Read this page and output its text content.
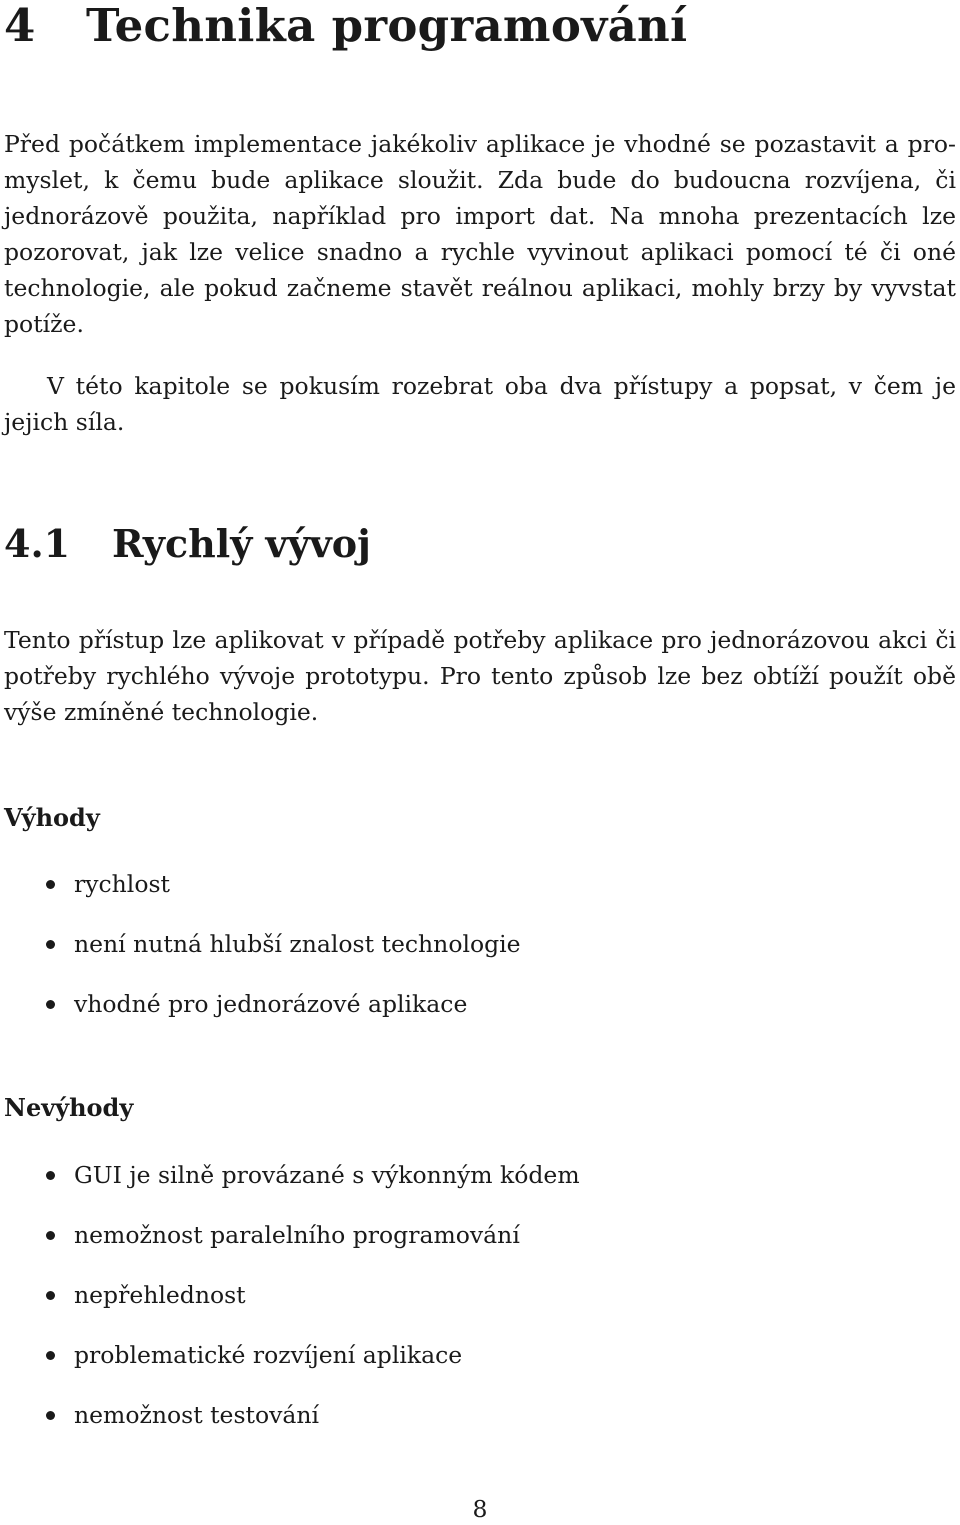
4 Technika programování

Před počátkem implementace jakékoliv aplikace je vhodné se pozastavit a promyslet, k čemu bude aplikace sloužit. Zda bude do budoucna rozvíjena, či jednorázově použita, například pro import dat. Na mnoha prezentacích lze pozorovat, jak lze velice snadno a rychle vyvinout aplikaci pomocí té či oné technologie, ale pokud začneme stavět reálnou aplikaci, mohly brzy by vyvstat potíže.

V této kapitole se pokusím rozebrat oba dva přístupy a popsat, v čem je jejich síla.

4.1 Rychlý vývoj

Tento přístup lze aplikovat v případě potřeby aplikace pro jednorázovou akci či potřeby rychlého vývoje prototypu. Pro tento způsob lze bez obtíží použít obě výše zmíněné technologie.

Výhody
rychlost
není nutná hlubší znalost technologie
vhodné pro jednorázové aplikace
Nevýhody
GUI je silně provázané s výkonným kódem
nemožnost paralelního programování
nepřehlednost
problematické rozvíjení aplikace
nemožnost testování
8
